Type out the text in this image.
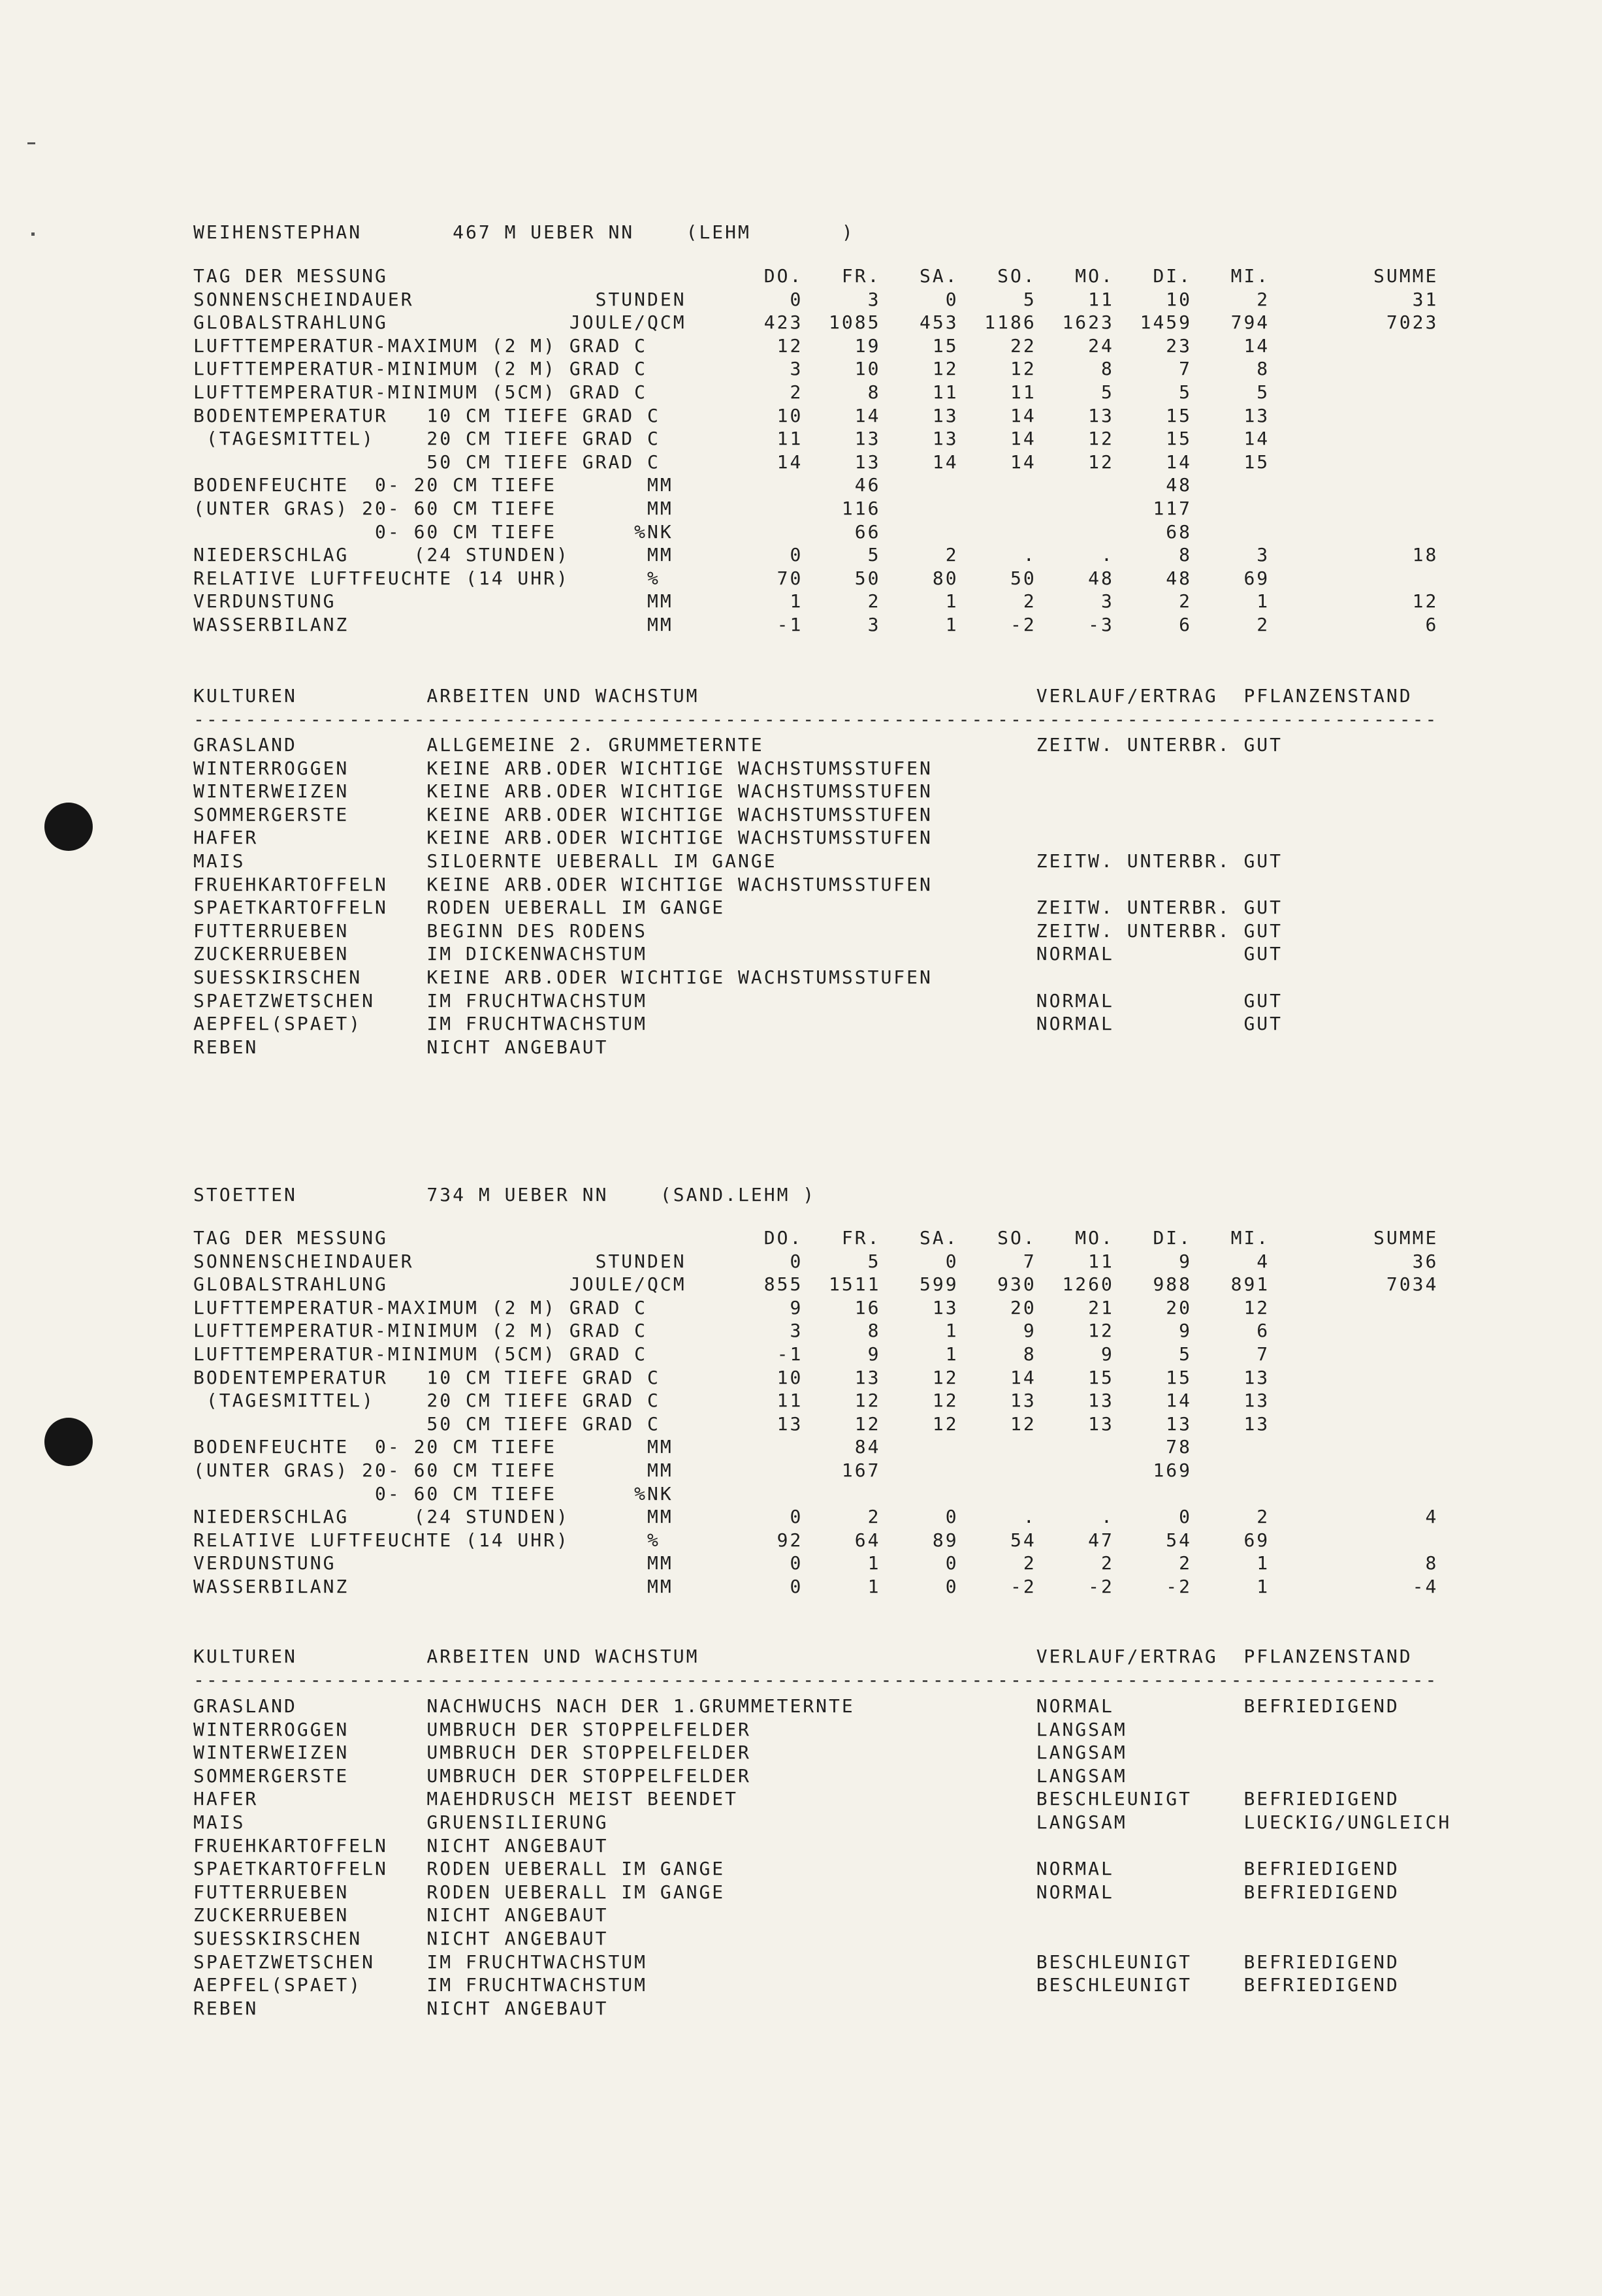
WEIHENSTEPHAN       467 M UEBER NN    (LEHM       )
TAG DER MESSUNG                             DO.   FR.   SA.   SO.   MO.   DI.   MI.        SUMME
SONNENSCHEINDAUER              STUNDEN        0     3     0     5    11    10     2           31
GLOBALSTRAHLUNG              JOULE/QCM      423  1085   453  1186  1623  1459   794         7023
LUFTTEMPERATUR-MAXIMUM (2 M) GRAD C          12    19    15    22    24    23    14
LUFTTEMPERATUR-MINIMUM (2 M) GRAD C           3    10    12    12     8     7     8
LUFTTEMPERATUR-MINIMUM (5CM) GRAD C           2     8    11    11     5     5     5
BODENTEMPERATUR   10 CM TIEFE GRAD C         10    14    13    14    13    15    13
(TAGESMITTEL)    20 CM TIEFE GRAD C         11    13    13    14    12    15    14
50 CM TIEFE GRAD C         14    13    14    14    12    14    15
BODENFEUCHTE  0- 20 CM TIEFE       MM              46                      48
(UNTER GRAS) 20- 60 CM TIEFE       MM             116                     117
0- 60 CM TIEFE      %NK              66                      68
NIEDERSCHLAG     (24 STUNDEN)      MM         0     5     2     .     .     8     3           18
RELATIVE LUFTFEUCHTE (14 UHR)      %         70    50    80    50    48    48    69
VERDUNSTUNG                        MM         1     2     1     2     3     2     1           12
WASSERBILANZ                       MM        -1     3     1    -2    -3     6     2            6
KULTUREN          ARBEITEN UND WACHSTUM                          VERLAUF/ERTRAG  PFLANZENSTAND
------------------------------------------------------------------------------------------------
GRASLAND          ALLGEMEINE 2. GRUMMETERNTE                     ZEITW. UNTERBR. GUT
WINTERROGGEN      KEINE ARB.ODER WICHTIGE WACHSTUMSSTUFEN
WINTERWEIZEN      KEINE ARB.ODER WICHTIGE WACHSTUMSSTUFEN
SOMMERGERSTE      KEINE ARB.ODER WICHTIGE WACHSTUMSSTUFEN
HAFER             KEINE ARB.ODER WICHTIGE WACHSTUMSSTUFEN
MAIS              SILOERNTE UEBERALL IM GANGE                    ZEITW. UNTERBR. GUT
FRUEHKARTOFFELN   KEINE ARB.ODER WICHTIGE WACHSTUMSSTUFEN
SPAETKARTOFFELN   RODEN UEBERALL IM GANGE                        ZEITW. UNTERBR. GUT
FUTTERRUEBEN      BEGINN DES RODENS                              ZEITW. UNTERBR. GUT
ZUCKERRUEBEN      IM DICKENWACHSTUM                              NORMAL          GUT
SUESSKIRSCHEN     KEINE ARB.ODER WICHTIGE WACHSTUMSSTUFEN
SPAETZWETSCHEN    IM FRUCHTWACHSTUM                              NORMAL          GUT
AEPFEL(SPAET)     IM FRUCHTWACHSTUM                              NORMAL          GUT
REBEN             NICHT ANGEBAUT
STOETTEN          734 M UEBER NN    (SAND.LEHM )
TAG DER MESSUNG                             DO.   FR.   SA.   SO.   MO.   DI.   MI.        SUMME
SONNENSCHEINDAUER              STUNDEN        0     5     0     7    11     9     4           36
GLOBALSTRAHLUNG              JOULE/QCM      855  1511   599   930  1260   988   891         7034
LUFTTEMPERATUR-MAXIMUM (2 M) GRAD C           9    16    13    20    21    20    12
LUFTTEMPERATUR-MINIMUM (2 M) GRAD C           3     8     1     9    12     9     6
LUFTTEMPERATUR-MINIMUM (5CM) GRAD C          -1     9     1     8     9     5     7
BODENTEMPERATUR   10 CM TIEFE GRAD C         10    13    12    14    15    15    13
(TAGESMITTEL)    20 CM TIEFE GRAD C         11    12    12    13    13    14    13
50 CM TIEFE GRAD C         13    12    12    12    13    13    13
BODENFEUCHTE  0- 20 CM TIEFE       MM              84                      78
(UNTER GRAS) 20- 60 CM TIEFE       MM             167                     169
0- 60 CM TIEFE      %NK
NIEDERSCHLAG     (24 STUNDEN)      MM         0     2     0     .     .     0     2            4
RELATIVE LUFTFEUCHTE (14 UHR)      %         92    64    89    54    47    54    69
VERDUNSTUNG                        MM         0     1     0     2     2     2     1            8
WASSERBILANZ                       MM         0     1     0    -2    -2    -2     1           -4
KULTUREN          ARBEITEN UND WACHSTUM                          VERLAUF/ERTRAG  PFLANZENSTAND
------------------------------------------------------------------------------------------------
GRASLAND          NACHWUCHS NACH DER 1.GRUMMETERNTE              NORMAL          BEFRIEDIGEND
WINTERROGGEN      UMBRUCH DER STOPPELFELDER                      LANGSAM
WINTERWEIZEN      UMBRUCH DER STOPPELFELDER                      LANGSAM
SOMMERGERSTE      UMBRUCH DER STOPPELFELDER                      LANGSAM
HAFER             MAEHDRUSCH MEIST BEENDET                       BESCHLEUNIGT    BEFRIEDIGEND
MAIS              GRUENSILIERUNG                                 LANGSAM         LUECKIG/UNGLEICH
FRUEHKARTOFFELN   NICHT ANGEBAUT
SPAETKARTOFFELN   RODEN UEBERALL IM GANGE                        NORMAL          BEFRIEDIGEND
FUTTERRUEBEN      RODEN UEBERALL IM GANGE                        NORMAL          BEFRIEDIGEND
ZUCKERRUEBEN      NICHT ANGEBAUT
SUESSKIRSCHEN     NICHT ANGEBAUT
SPAETZWETSCHEN    IM FRUCHTWACHSTUM                              BESCHLEUNIGT    BEFRIEDIGEND
AEPFEL(SPAET)     IM FRUCHTWACHSTUM                              BESCHLEUNIGT    BEFRIEDIGEND
REBEN             NICHT ANGEBAUT
